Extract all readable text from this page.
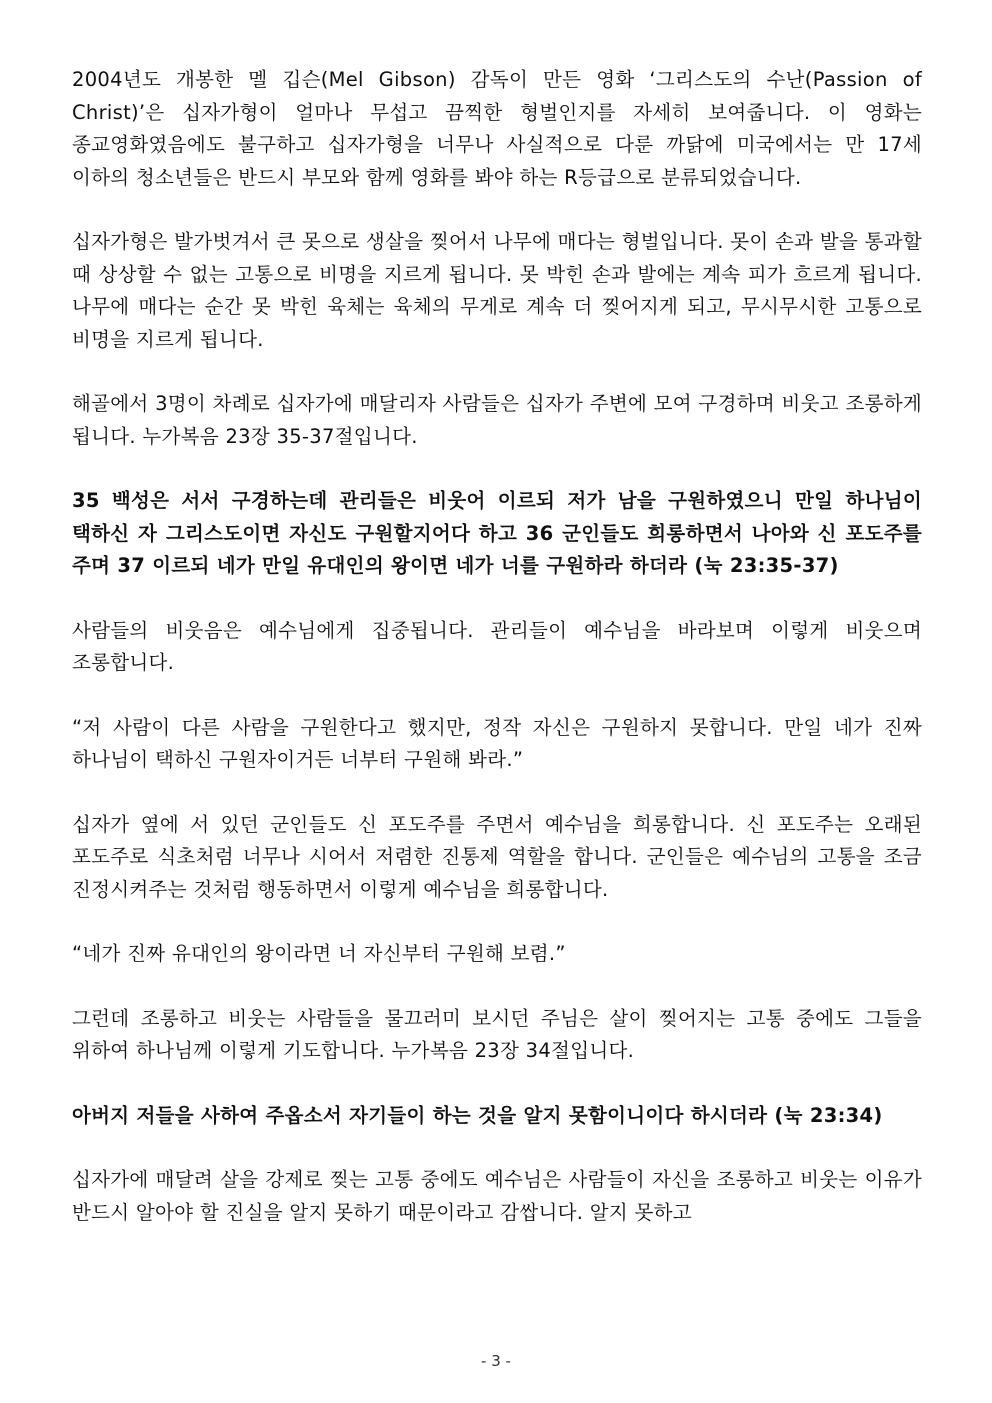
2004년도 개봉한 멜 깁슨(Mel Gibson) 감독이 만든 영화 ‘그리스도의 수난(Passion of Christ)’은 십자가형이 얼마나 무섭고 끔찍한 형벌인지를 자세히 보여줍니다. 이 영화는 종교영화였음에도 불구하고 십자가형을 너무나 사실적으로 다룬 까닭에 미국에서는 만 17세 이하의 청소년들은 반드시 부모와 함께 영화를 봐야 하는 R등급으로 분류되었습니다.

십자가형은 발가벗겨서 큰 못으로 생살을 찢어서 나무에 매다는 형벌입니다. 못이 손과 발을 통과할 때 상상할 수 없는 고통으로 비명을 지르게 됩니다. 못 박힌 손과 발에는 계속 피가 흐르게 됩니다. 나무에 매다는 순간 못 박힌 육체는 육체의 무게로 계속 더 찢어지게 되고, 무시무시한 고통으로 비명을 지르게 됩니다.

해골에서 3명이 차례로 십자가에 매달리자 사람들은 십자가 주변에 모여 구경하며 비웃고 조롱하게 됩니다. 누가복음 23장 35-37절입니다.

35 백성은 서서 구경하는데 관리들은 비웃어 이르되 저가 남을 구원하였으니 만일 하나님이 택하신 자 그리스도이면 자신도 구원할지어다 하고 36 군인들도 희롱하면서 나아와 신 포도주를 주며 37 이르되 네가 만일 유대인의 왕이면 네가 너를 구원하라 하더라 (눅 23:35-37)

사람들의 비웃음은 예수님에게 집중됩니다. 관리들이 예수님을 바라보며 이렇게 비웃으며 조롱합니다.

“저 사람이 다른 사람을 구원한다고 했지만, 정작 자신은 구원하지 못합니다. 만일 네가 진짜 하나님이 택하신 구원자이거든 너부터 구원해 봐라.”

십자가 옆에 서 있던 군인들도 신 포도주를 주면서 예수님을 희롱합니다. 신 포도주는 오래된 포도주로 식초처럼 너무나 시어서 저렴한 진통제 역할을 합니다. 군인들은 예수님의 고통을 조금 진정시켜주는 것처럼 행동하면서 이렇게 예수님을 희롱합니다.

“네가 진짜 유대인의 왕이라면 너 자신부터 구원해 보렴.”

그런데 조롱하고 비웃는 사람들을 물끄러미 보시던 주님은 살이 찢어지는 고통 중에도 그들을 위하여 하나님께 이렇게 기도합니다. 누가복음 23장 34절입니다.

아버지 저들을 사하여 주옵소서 자기들이 하는 것을 알지 못함이니이다 하시더라 (눅 23:34)

십자가에 매달려 살을 강제로 찢는 고통 중에도 예수님은 사람들이 자신을 조롱하고 비웃는 이유가 반드시 알아야 할 진실을 알지 못하기 때문이라고 감쌉니다. 알지 못하고

- 3 -
